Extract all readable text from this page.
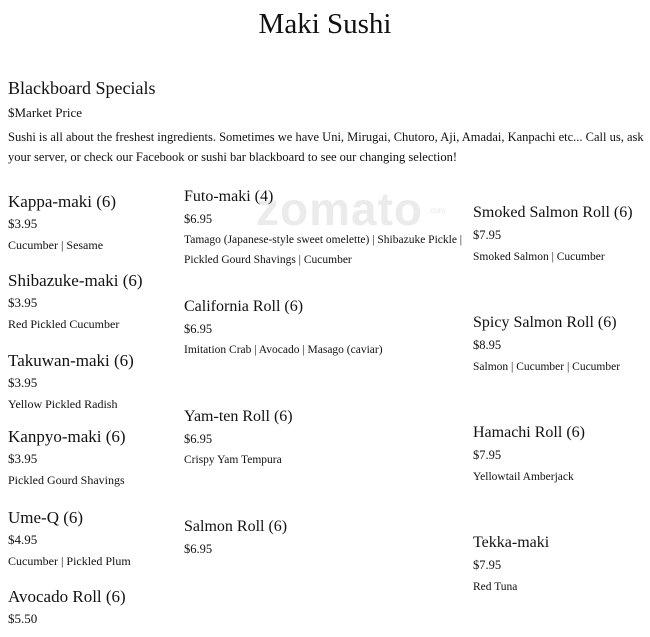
Maki Sushi
zomato .com
Blackboard Specials
$Market Price
Sushi is all about the freshest ingredients. Sometimes we have Uni, Mirugai, Chutoro, Aji, Amadai, Kanpachi etc... Call us, ask your server, or check our Facebook or sushi bar blackboard to see our changing selection!
Kappa-maki (6)
$3.95
Cucumber | Sesame
Shibazuke-maki (6)
$3.95
Red Pickled Cucumber
Takuwan-maki (6)
$3.95
Yellow Pickled Radish
Kanpyo-maki (6)
$3.95
Pickled Gourd Shavings
Ume-Q (6)
$4.95
Cucumber | Pickled Plum
Avocado Roll (6)
$5.50
Futo-maki (4)
$6.95
Tamago (Japanese-style sweet omelette) | Shibazuke Pickle | Pickled Gourd Shavings | Cucumber
California Roll (6)
$6.95
Imitation Crab | Avocado | Masago (caviar)
Yam-ten Roll (6)
$6.95
Crispy Yam Tempura
Salmon Roll (6)
$6.95
Smoked Salmon Roll (6)
$7.95
Smoked Salmon | Cucumber
Spicy Salmon Roll (6)
$8.95
Salmon | Cucumber | Cucumber
Hamachi Roll (6)
$7.95
Yellowtail Amberjack
Tekka-maki
$7.95
Red Tuna
